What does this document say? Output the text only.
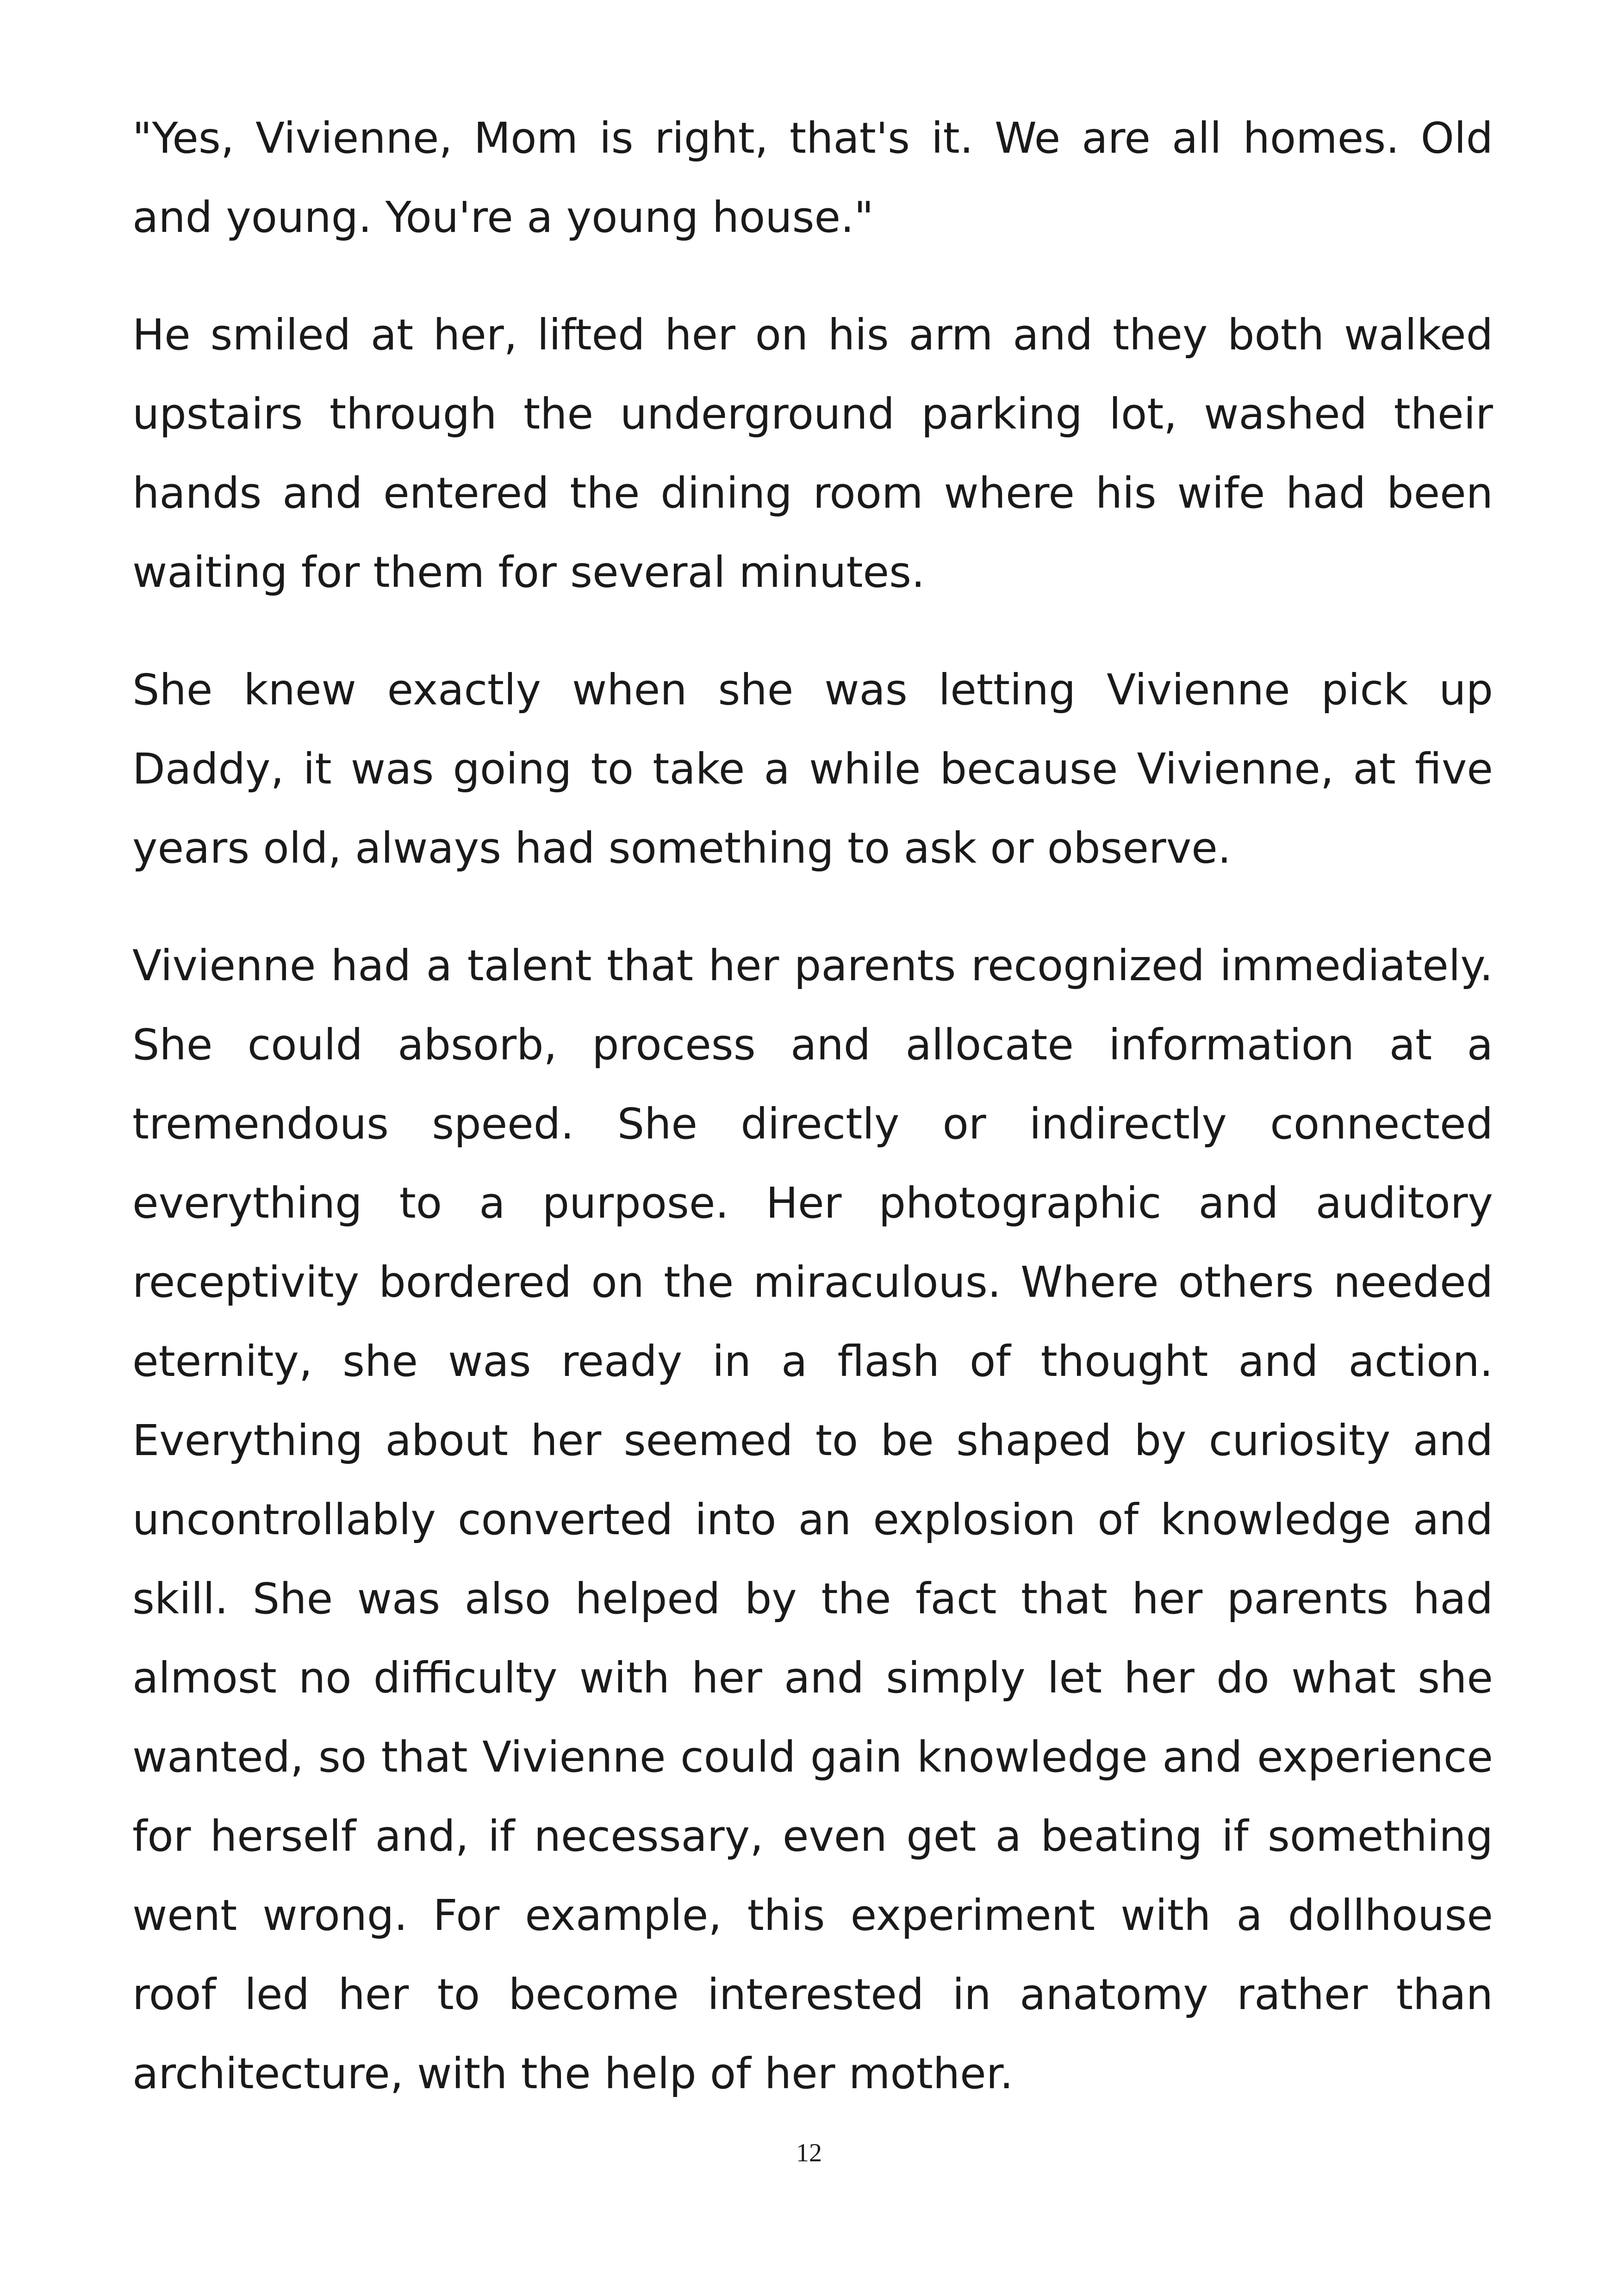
"Yes, Vivienne, Mom is right, that's it. We are all homes. Old and young. You're a young house."

He smiled at her, lifted her on his arm and they both walked upstairs through the underground parking lot, washed their hands and entered the dining room where his wife had been waiting for them for several minutes.

She knew exactly when she was letting Vivienne pick up Daddy, it was going to take a while because Vivienne, at five years old, always had something to ask or observe.

Vivienne had a talent that her parents recognized immediately. She could absorb, process and allocate information at a tremendous speed. She directly or indirectly connected everything to a purpose. Her photographic and auditory receptivity bordered on the miraculous. Where others needed eternity, she was ready in a flash of thought and action. Everything about her seemed to be shaped by curiosity and uncontrollably converted into an explosion of knowledge and skill. She was also helped by the fact that her parents had almost no difficulty with her and simply let her do what she wanted, so that Vivienne could gain knowledge and experience for herself and, if necessary, even get a beating if something went wrong. For example, this experiment with a dollhouse roof led her to become interested in anatomy rather than architecture, with the help of her mother.

12
